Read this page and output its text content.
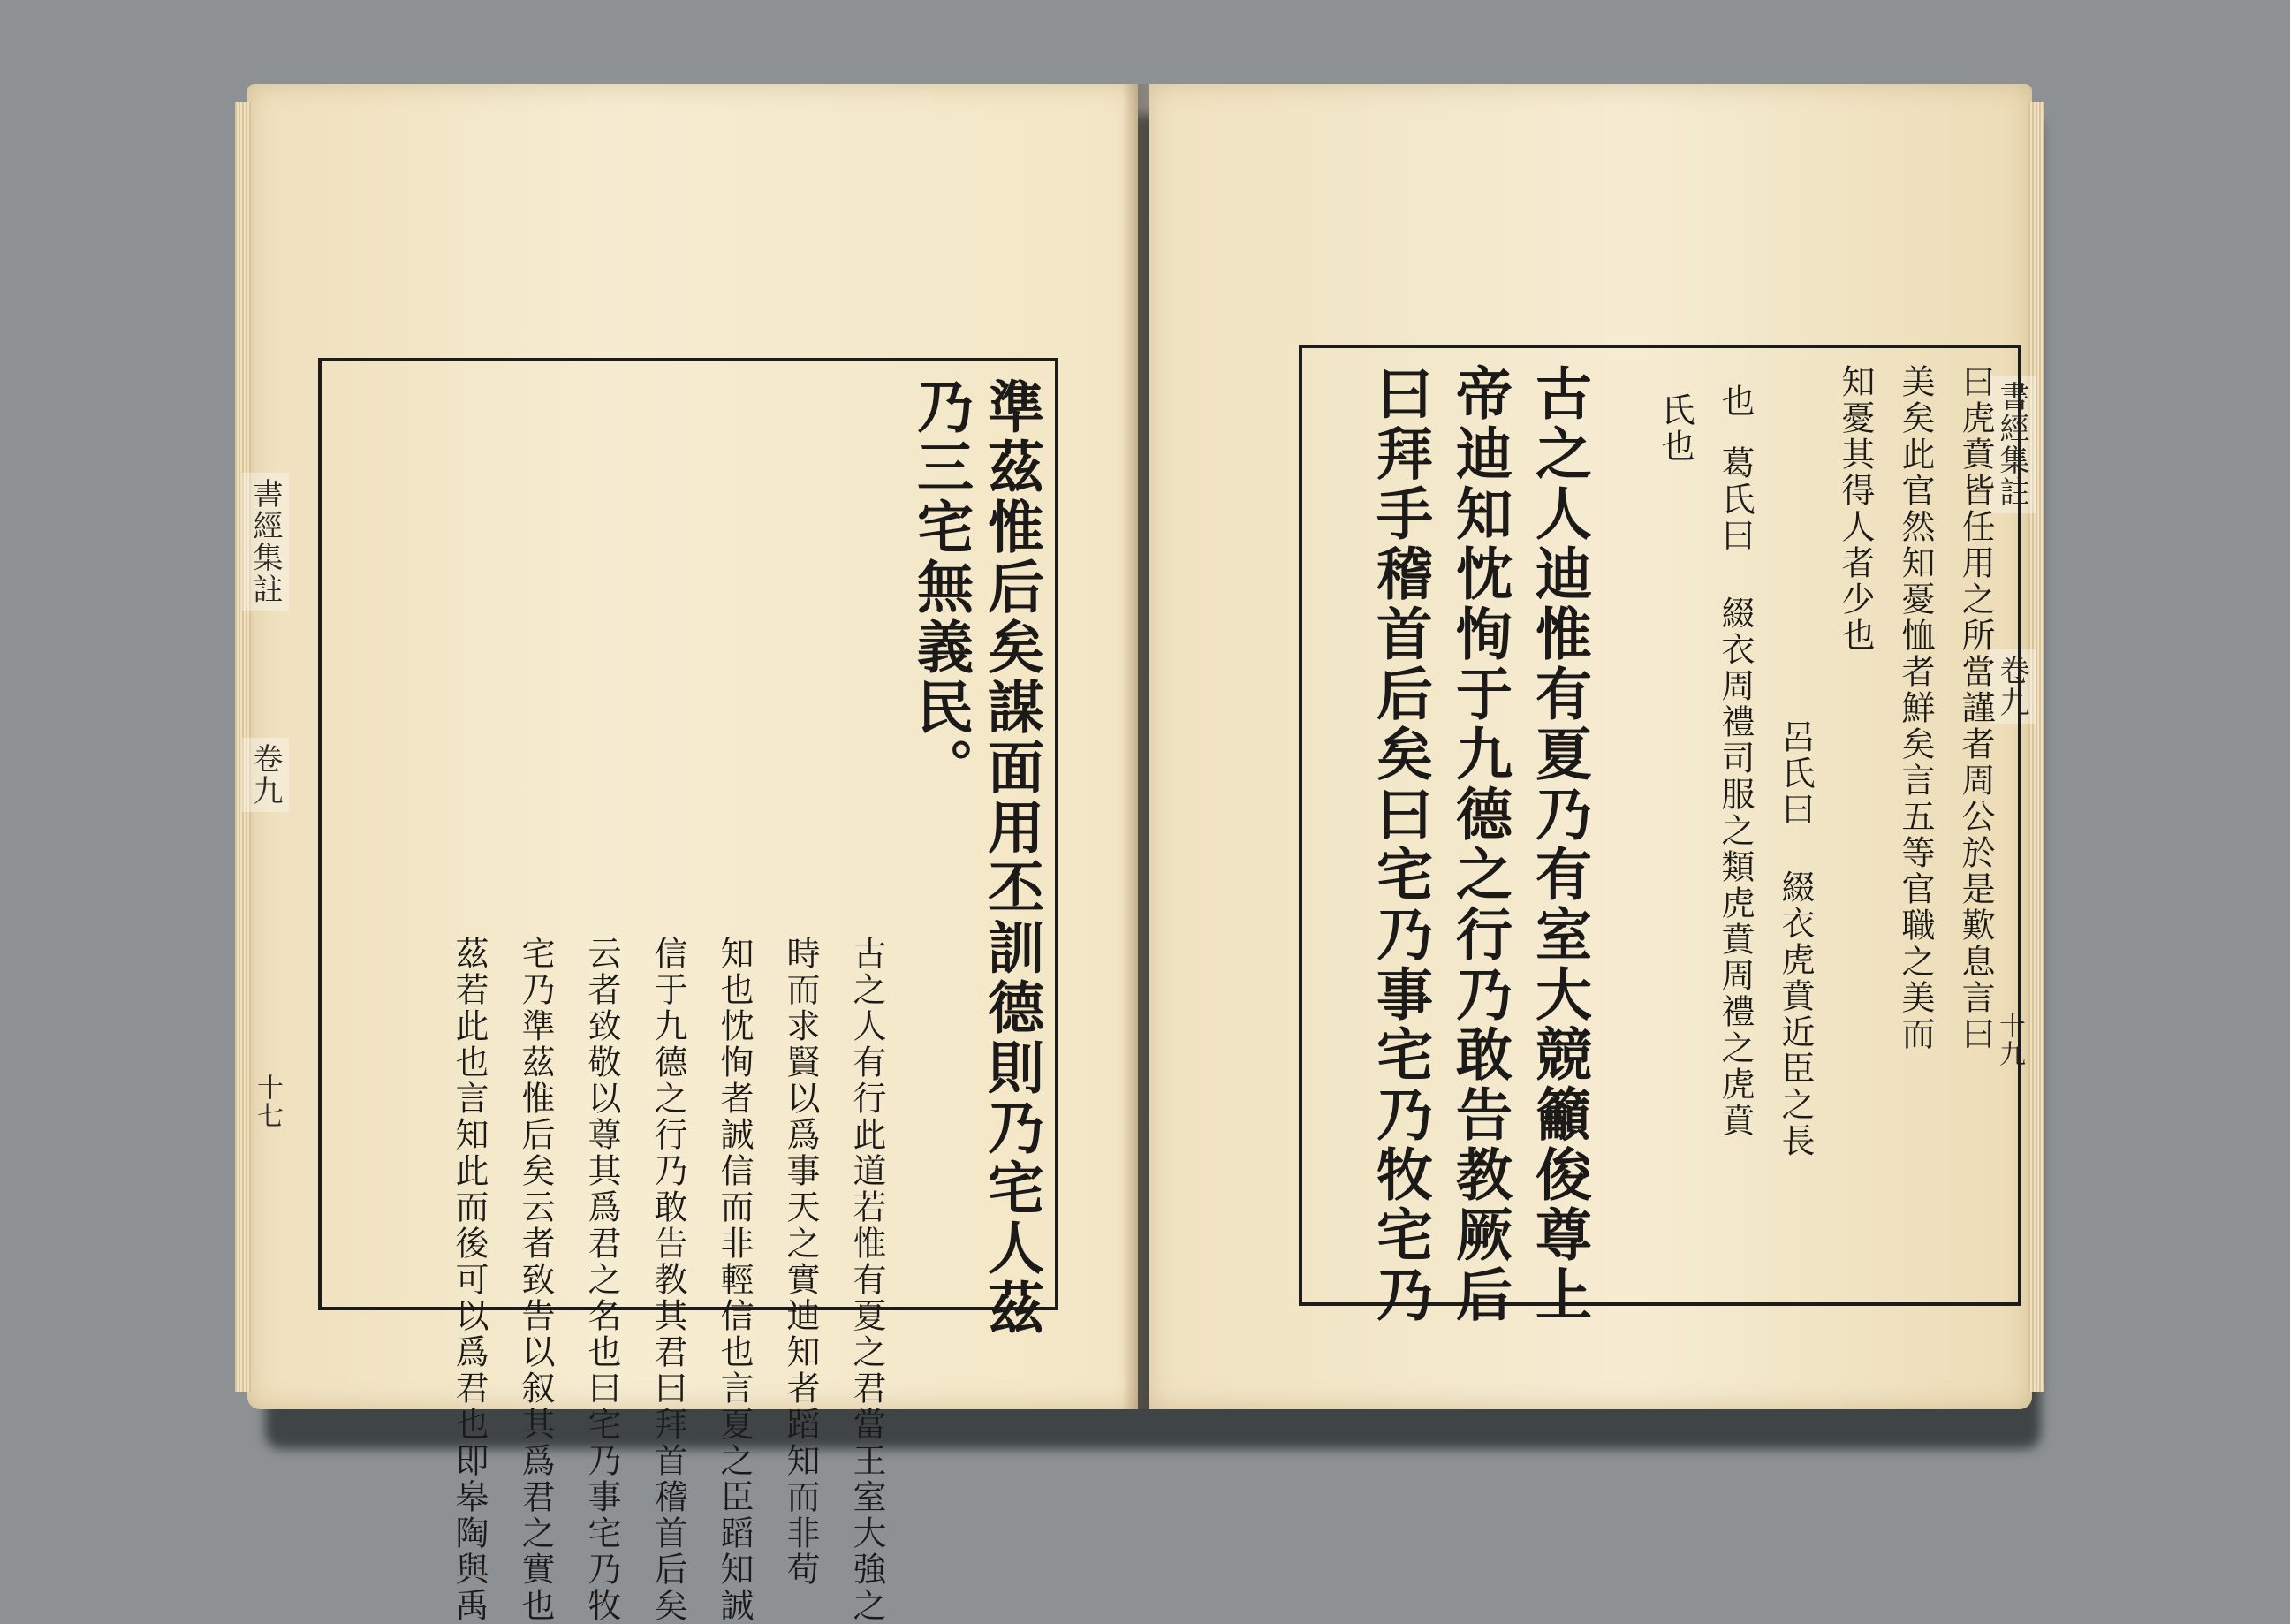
書經集註
卷九
十七	準茲惟后矣謀面用丕訓德則乃宅人茲
乃三宅無義民。
古之人有行此道若惟有夏之君當王室大強之
時而求賢以爲事天之實迪知者蹈知而非苟
知也忱恂者誠信而非輕信也言夏之臣蹈知誠
信于九德之行乃敢告教其君曰拜首稽首后矣
云者致敬以尊其爲君之名也曰宅乃事宅乃牧
宅乃準茲惟后矣云者致告以叙其爲君之實也
茲若此也言知此而後可以爲君也即皋陶與禹
書經集註
卷九
十九
曰虎賁皆任用之所當謹者周公於是歎息言曰
美矣此官然知憂恤者鮮矣言五等官職之美而
知憂其得人者少也
呂氏曰 綴衣虎賁近臣之長
也
葛氏曰 綴衣周禮司服之類虎賁周禮之虎賁
氏也
古之人迪惟有夏乃有室大競籲俊尊上
帝迪知忱恂于九德之行乃敢告教厥后
曰拜手稽首后矣曰宅乃事宅乃牧宅乃
